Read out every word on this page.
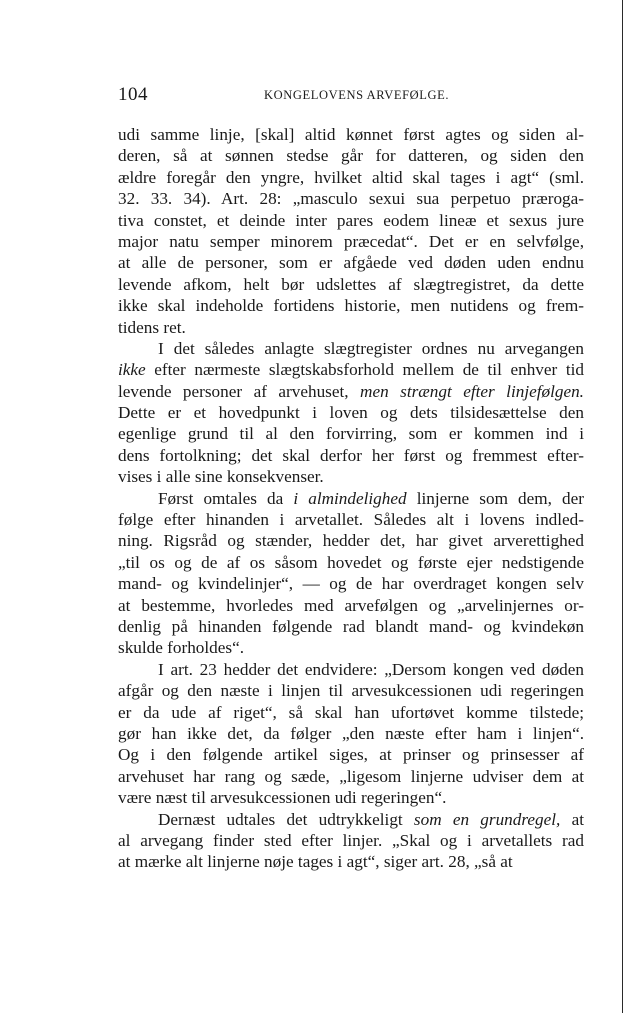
104	KONGELOVENS ARVEFØLGE.
udi samme linje, [skal] altid kønnet først agtes og siden al-
deren, så at sønnen stedse går for datteren, og siden den
ældre foregår den yngre, hvilket altid skal tages i agt“ (sml.
32. 33. 34). Art. 28: „masculo sexui sua perpetuo præroga-
tiva constet, et deinde inter pares eodem lineæ et sexus jure
major natu semper minorem præcedat“. Det er en selvfølge,
at alle de personer, som er afgåede ved døden uden endnu
levende afkom, helt bør udslettes af slægtregistret, da dette
ikke skal indeholde fortidens historie, men nutidens og frem-
tidens ret.
I det således anlagte slægtregister ordnes nu arvegangen
ikke efter nærmeste slægtskabsforhold mellem de til enhver tid
levende personer af arvehuset, men strængt efter linjefølgen.
Dette er et hovedpunkt i loven og dets tilsidesættelse den
egenlige grund til al den forvirring, som er kommen ind i
dens fortolkning; det skal derfor her først og fremmest efter-
vises i alle sine konsekvenser.
Først omtales da i almindelighed linjerne som dem, der
følge efter hinanden i arvetallet. Således alt i lovens indled-
ning. Rigsråd og stænder, hedder det, har givet arverettighed
„til os og de af os såsom hovedet og første ejer nedstigende
mand- og kvindelinjer“, — og de har overdraget kongen selv
at bestemme, hvorledes med arvefølgen og „arvelinjernes or-
denlig på hinanden følgende rad blandt mand- og kvindekøn
skulde forholdes“.
I art. 23 hedder det endvidere: „Dersom kongen ved døden
afgår og den næste i linjen til arvesukcessionen udi regeringen
er da ude af riget“, så skal han ufortøvet komme tilstede;
gør han ikke det, da følger „den næste efter ham i linjen“.
Og i den følgende artikel siges, at prinser og prinsesser af
arvehuset har rang og sæde, „ligesom linjerne udviser dem at
være næst til arvesukcessionen udi regeringen“.
Dernæst udtales det udtrykkeligt som en grundregel, at
al arvegang finder sted efter linjer. „Skal og i arvetallets rad
at mærke alt linjerne nøje tages i agt“, siger art. 28, „så at
